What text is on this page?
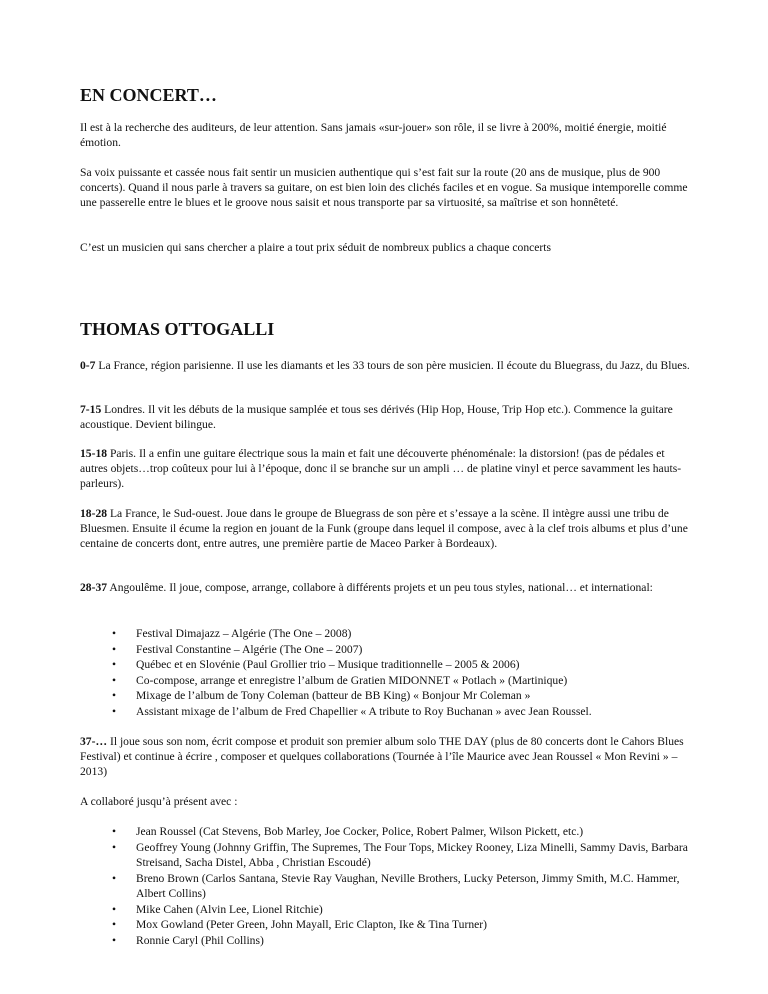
EN CONCERT…

Il est à la recherche des auditeurs, de leur attention. Sans jamais «sur-jouer» son rôle, il se livre à 200%, moitié énergie, moitié émotion.

Sa voix puissante et cassée nous fait sentir un musicien authentique qui s’est fait sur la route (20 ans de musique, plus de 900 concerts). Quand il nous parle à travers sa guitare, on est bien loin des clichés faciles et en vogue. Sa musique intemporelle comme une passerelle entre le blues et le groove nous saisit et nous transporte par sa virtuosité, sa maîtrise et son honnêteté.

C’est un musicien qui sans chercher a plaire a tout prix séduit de nombreux publics a chaque concerts

THOMAS OTTOGALLI

0-7 La France, région parisienne. Il use les diamants et les 33 tours de son père musicien. Il écoute du Bluegrass, du Jazz, du Blues.

7-15 Londres. Il vit les débuts de la musique samplée et tous ses dérivés (Hip Hop, House, Trip Hop etc.). Commence la guitare acoustique. Devient bilingue.

15-18 Paris. Il a enfin une guitare électrique sous la main et fait une découverte phénoménale: la distorsion! (pas de pédales et autres objets…trop coûteux pour lui à l’époque, donc il se branche sur un ampli … de platine vinyl et perce savamment les hauts- parleurs).

18-28 La France, le Sud-ouest. Joue dans le groupe de Bluegrass de son père et s’essaye a la scène. Il intègre aussi une tribu de Bluesmen. Ensuite il écume la region en jouant de la Funk (groupe dans lequel il compose, avec à la clef trois albums et plus d’une centaine de concerts dont, entre autres, une première partie de Maceo Parker à Bordeaux).

28-37 Angoulême. Il joue, compose, arrange, collabore à différents projets et un peu tous styles, national… et international:

• Festival Dimajazz – Algérie (The One – 2008)
• Festival Constantine – Algérie (The One – 2007)
• Québec et en Slovénie (Paul Grollier trio – Musique traditionnelle – 2005 & 2006)
• Co-compose, arrange et enregistre l’album de Gratien MIDONNET « Potlach » (Martinique)
• Mixage de l’album de Tony Coleman (batteur de BB King) « Bonjour Mr Coleman »
• Assistant mixage de l’album de Fred Chapellier « A tribute to Roy Buchanan » avec Jean Roussel.

37-… Il joue sous son nom, écrit compose et produit son premier album solo THE DAY (plus de 80 concerts dont le Cahors Blues Festival) et continue à écrire , composer et quelques collaborations (Tournée à l’île Maurice avec Jean Roussel « Mon Revini » – 2013)

A collaboré jusqu’à présent avec :

• Jean Roussel (Cat Stevens, Bob Marley, Joe Cocker, Police, Robert Palmer, Wilson Pickett, etc.)
• Geoffrey Young (Johnny Griffin, The Supremes, The Four Tops, Mickey Rooney, Liza Minelli, Sammy Davis, Barbara Streisand, Sacha Distel, Abba , Christian Escoudé)
• Breno Brown (Carlos Santana, Stevie Ray Vaughan, Neville Brothers, Lucky Peterson, Jimmy Smith, M.C. Hammer, Albert Collins)
• Mike Cahen (Alvin Lee, Lionel Ritchie)
• Mox Gowland (Peter Green, John Mayall, Eric Clapton, Ike & Tina Turner)
• Ronnie Caryl (Phil Collins)
